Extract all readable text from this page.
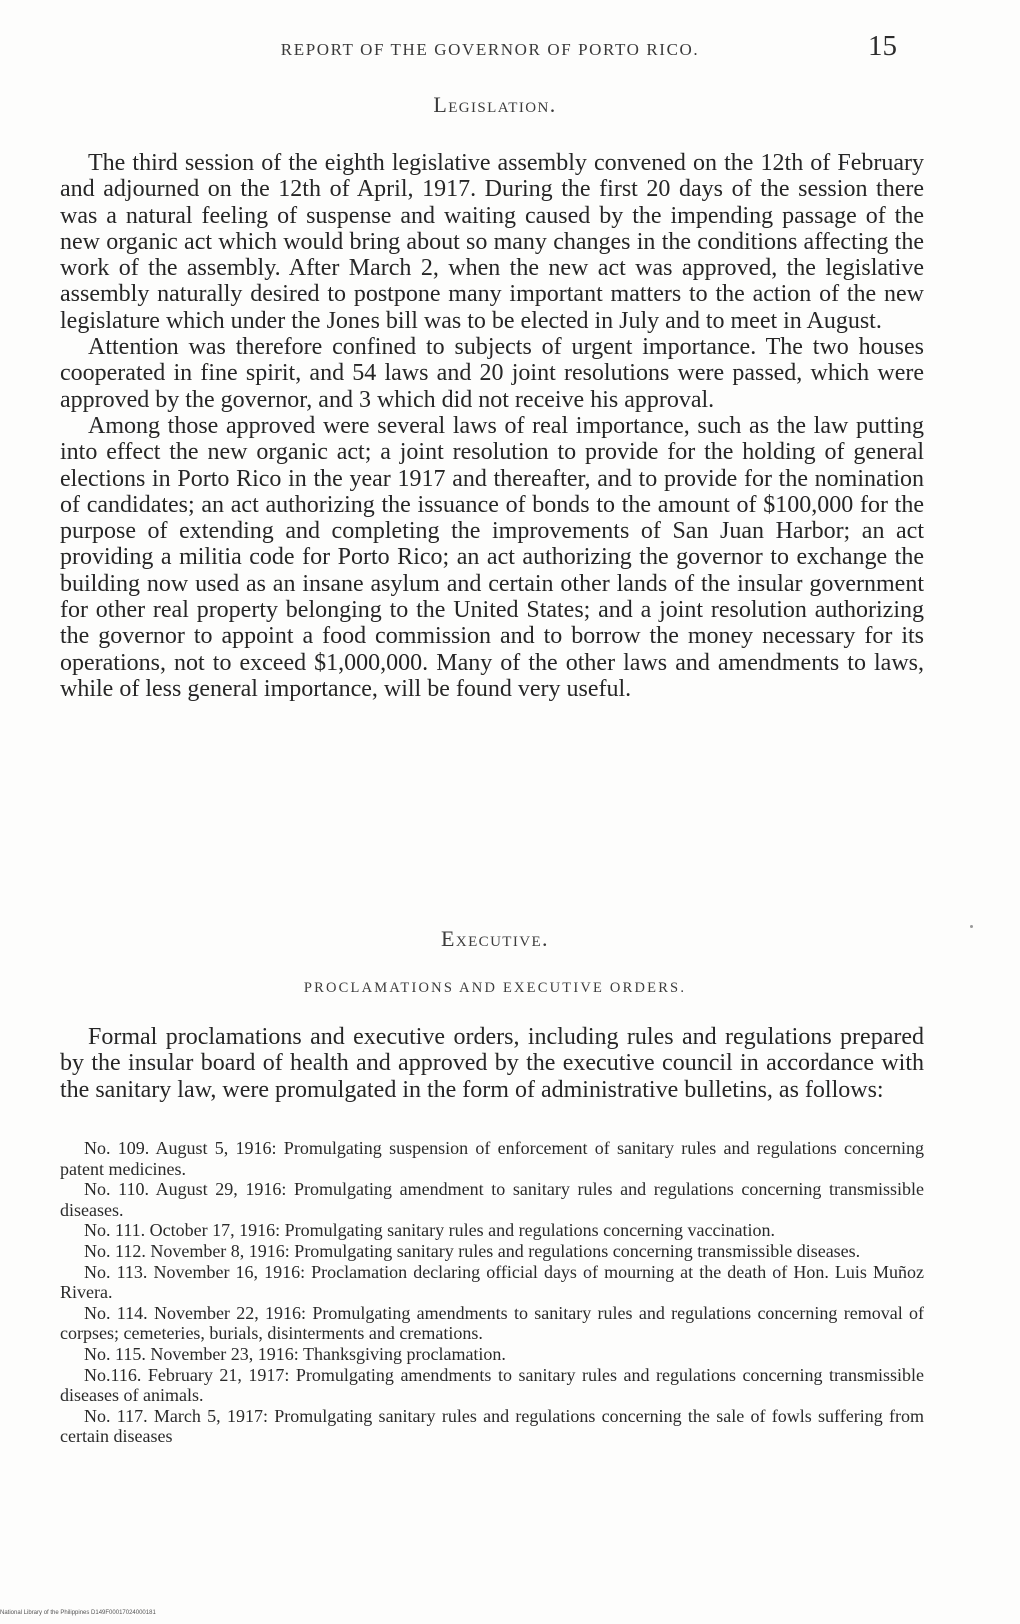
REPORT OF THE GOVERNOR OF PORTO RICO.	15
Legislation.

The third session of the eighth legislative assembly convened on the 12th of February and adjourned on the 12th of April, 1917. During the first 20 days of the session there was a natural feeling of suspense and waiting caused by the impending passage of the new organic act which would bring about so many changes in the conditions affecting the work of the assembly. After March 2, when the new act was approved, the legislative assembly naturally desired to postpone many important matters to the action of the new legislature which under the Jones bill was to be elected in July and to meet in August.

Attention was therefore confined to subjects of urgent importance. The two houses cooperated in fine spirit, and 54 laws and 20 joint resolutions were passed, which were approved by the governor, and 3 which did not receive his approval.

Among those approved were several laws of real importance, such as the law putting into effect the new organic act; a joint resolution to provide for the holding of general elections in Porto Rico in the year 1917 and thereafter, and to provide for the nomination of candidates; an act authorizing the issuance of bonds to the amount of $100,000 for the purpose of extending and completing the improvements of San Juan Harbor; an act providing a militia code for Porto Rico; an act authorizing the governor to exchange the building now used as an insane asylum and certain other lands of the insular government for other real property belonging to the United States; and a joint resolution authorizing the governor to appoint a food commission and to borrow the money necessary for its operations, not to exceed $1,000,000. Many of the other laws and amendments to laws, while of less general importance, will be found very useful.

Executive.
PROCLAMATIONS AND EXECUTIVE ORDERS.

Formal proclamations and executive orders, including rules and regulations prepared by the insular board of health and approved by the executive council in accordance with the sanitary law, were promulgated in the form of administrative bulletins, as follows:

No. 109. August 5, 1916: Promulgating suspension of enforcement of sanitary rules and regulations concerning patent medicines.

No. 110. August 29, 1916: Promulgating amendment to sanitary rules and regulations concerning transmissible diseases.

No. 111. October 17, 1916: Promulgating sanitary rules and regulations concerning vaccination.

No. 112. November 8, 1916: Promulgating sanitary rules and regulations concerning transmissible diseases.

No. 113. November 16, 1916: Proclamation declaring official days of mourning at the death of Hon. Luis Muñoz Rivera.

No. 114. November 22, 1916: Promulgating amendments to sanitary rules and regulations concerning removal of corpses; cemeteries, burials, disinterments and cremations.

No. 115. November 23, 1916: Thanksgiving proclamation.

No.116. February 21, 1917: Promulgating amendments to sanitary rules and regulations concerning transmissible diseases of animals.

No. 117. March 5, 1917: Promulgating sanitary rules and regulations concerning the sale of fowls suffering from certain diseases

National Library of the Philippines D149F00017024000181
